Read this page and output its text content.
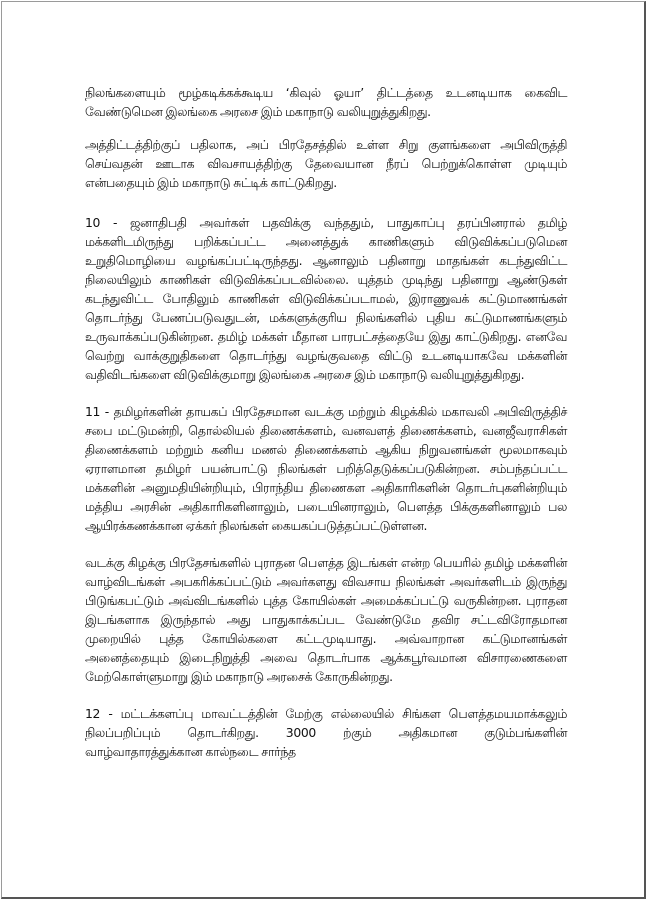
நிலங்களையும் மூழ்கடிக்கக்கூடிய ‘கிவுல் ஓயா’ திட்டத்தை உடனடியாக கைவிட வேண்டுமென இலங்கை அரசை இம் மகாநாடு வலியுறுத்துகிறது.

அத்திட்டத்திற்குப் பதிலாக, அப் பிரதேசத்தில் உள்ள சிறு குளங்களை அபிவிருத்தி செய்வதன் ஊடாக விவசாயத்திற்கு தேவையான நீரப் பெற்றுக்கொள்ள முடியும் என்பதையும் இம் மகாநாடு சுட்டிக் காட்டுகிறது.

10 - ஜனாதிபதி அவர்கள் பதவிக்கு வந்ததும், பாதுகாப்பு தரப்பினரால் தமிழ் மக்களிடமிருந்து பறிக்கப்பட்ட அனைத்துக் காணிகளும் விடுவிக்கப்படுமென உறுதிமொழியை வழங்கப்பட்டிருந்தது. ஆனாலும் பதினாறு மாதங்கள் கடந்துவிட்ட நிலையிலும் காணிகள் விடுவிக்கப்படவில்லை. யுத்தம் முடிந்து பதினாறு ஆண்டுகள் கடந்துவிட்ட போதிலும் காணிகள் விடுவிக்கப்படாமல், இராணுவக் கட்டுமாணங்கள் தொடர்ந்து பேணப்படுவதுடன், மக்களுக்குரிய நிலங்களில் புதிய கட்டுமாணங்களும் உருவாக்கப்படுகின்றன. தமிழ் மக்கள் மீதான பாரபட்சத்தையே இது காட்டுகிறது. எனவே வெற்று வாக்குறுதிகளை தொடர்ந்து வழங்குவதை விட்டு உடனடியாகவே மக்களின் வதிவிடங்களை விடுவிக்குமாறு இலங்கை அரசை இம் மகாநாடு வலியுறுத்துகிறது.

11 - தமிழர்களின் தாயகப் பிரதேசமான வடக்கு மற்றும் கிழக்கில் மகாவலி அபிவிருத்திச் சபை மட்டுமன்றி, தொல்லியல் திணைக்களம், வனவளத் திணைக்களம், வனஜீவராசிகள் திணைக்களம் மற்றும் கனிய மணல் திணைக்களம் ஆகிய நிறுவனங்கள் மூலமாகவும் ஏராளமான தமிழர் பயன்பாட்டு நிலங்கள் பறித்தெடுக்கப்படுகின்றன. சம்பந்தப்பட்ட மக்களின் அனுமதியின்றியும், பிராந்திய திணைகள அதிகாரிகளின் தொடர்புகளின்றியும் மத்திய அரசின் அதிகாரிகளினாலும், படையினராலும், பௌத்த பிக்குகளினாலும் பல ஆயிரக்கணக்கான ஏக்கர் நிலங்கள் கையகப்படுத்தப்பட்டுள்ளன.

வடக்கு கிழக்கு பிரதேசங்களில் புராதன பௌத்த இடங்கள் என்ற பெயரில் தமிழ் மக்களின் வாழ்விடங்கள் அபகரிக்கப்பட்டும் அவர்களது விவசாய நிலங்கள் அவர்களிடம் இருந்து பிடுங்கபட்டும் அவ்விடங்களில் புத்த கோயில்கள் அமைக்கப்பட்டு வருகின்றன. புராதன இடங்களாக இருந்தால் அது பாதுகாக்கப்பட வேண்டுமே தவிர சட்டவிரோதமான முறையில் புத்த கோயில்களை கட்டமுடியாது. அவ்வாறான கட்டுமானங்கள் அனைத்தையும் இடைநிறுத்தி அவை தொடர்பாக ஆக்கபூர்வமான விசாரணைகளை மேற்கொள்ளுமாறு இம் மகாநாடு அரசைக் கோருகின்றது.

12 - மட்டக்களப்பு மாவட்டத்தின் மேற்கு எல்லையில் சிங்கள பௌத்தமயமாக்கலும் நிலப்பறிப்பும் தொடர்கிறது. 3000 ற்கும் அதிகமான குடும்பங்களின் வாழ்வாதாரத்துக்கான கால்நடை சார்ந்த
